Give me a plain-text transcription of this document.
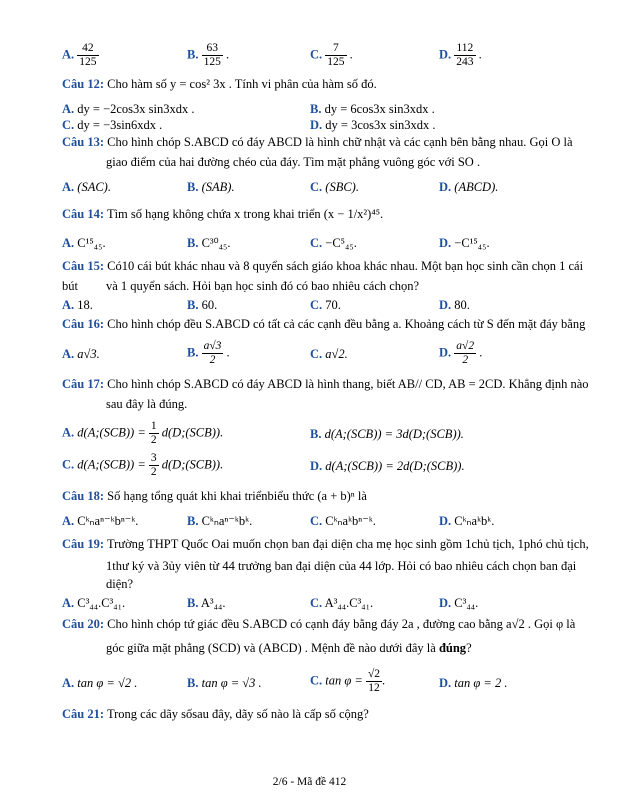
A. $\frac{42}{125}$	B. $\frac{63}{125}$ .	C. $\frac{7}{125}$ .	D. $\frac{112}{243}$ .
Câu 12: Cho hàm số y = cos² 3x . Tính vi phân của hàm số đó.
A. dy = −2cos3x sin3xdx .	B. dy = 6cos3x sin3xdx .
C. dy = −3sin6xdx .	D. dy = 3cos3x sin3xdx .
Câu 13: Cho hình chóp S.ABCD có đáy ABCD là hình chữ nhật và các cạnh bên bằng nhau. Gọi O là
giao điểm của hai đường chéo của đáy. Tìm mặt phẳng vuông góc với SO .
A. (SAC).	B. (SAB).	C. (SBC).	D. (ABCD).
Câu 14: Tìm số hạng không chứa x trong khai triển (x − 1/x²)⁴⁵.
A. C¹⁵₄₅.	B. C³⁰₄₅.	C. −C⁵₄₅.	D. −C¹⁵₄₅.
Câu 15: Có10 cái bút khác nhau và 8 quyển sách giáo khoa khác nhau. Một bạn học sinh cần chọn 1 cái bút	và 1 quyển sách. Hỏi bạn học sinh đó có bao nhiêu cách chọn?
A. 18.	B. 60.	C. 70.	D. 80.
Câu 16: Cho hình chóp đều S.ABCD có tất cả các cạnh đều bằng a. Khoảng cách từ S đến mặt đáy bằng
A. a√3.	B. $\frac{a√3}{2}$ .	C. a√2.	D. $\frac{a√2}{2}$ .
Câu 17: Cho hình chóp S.ABCD có đáy ABCD là hình thang, biết AB// CD, AB = 2CD. Khẳng định nào
sau đây là đúng.
A. d(A;(SCB)) = $\frac{1}{2}$ d(D;(SCB)).	B. d(A;(SCB)) = 3d(D;(SCB)).
C. d(A;(SCB)) = $\frac{3}{2}$ d(D;(SCB)).	D. d(A;(SCB)) = 2d(D;(SCB)).
Câu 18: Số hạng tổng quát khi khai triểnbiểu thức (a + b)ⁿ là
A. Cᵏₙaⁿ⁻ᵏbⁿ⁻ᵏ.	B. Cᵏₙaⁿ⁻ᵏbᵏ.	C. Cᵏₙaᵏbⁿ⁻ᵏ.	D. Cᵏₙaᵏbᵏ.
Câu 19: Trường THPT Quốc Oai muốn chọn ban đại diện cha mẹ học sinh gồm 1chủ tịch, 1phó chủ tịch,
1thư ký và 3ủy viên từ 44 trưởng ban đại diện của 44 lớp. Hỏi có bao nhiêu cách chọn ban đại
diện?
A. C³₄₄.C³₄₁.	B. A³₄₄.	C. A³₄₄.C³₄₁.	D. C³₄₄.
Câu 20: Cho hình chóp tứ giác đều S.ABCD có cạnh đáy bằng đáy 2a , đường cao bằng a√2 . Gọi φ là
góc giữa mặt phẳng (SCD) và (ABCD) . Mệnh đề nào dưới đây là đúng?
A. tan φ = √2 .	B. tan φ = √3 .	C. $\tan \varphi = \frac{√2}{12}$ .	D. tan φ = 2 .
Câu 21: Trong các dãy sốsau đây, dãy số nào là cấp số cộng?
2/6 - Mã đề 412
